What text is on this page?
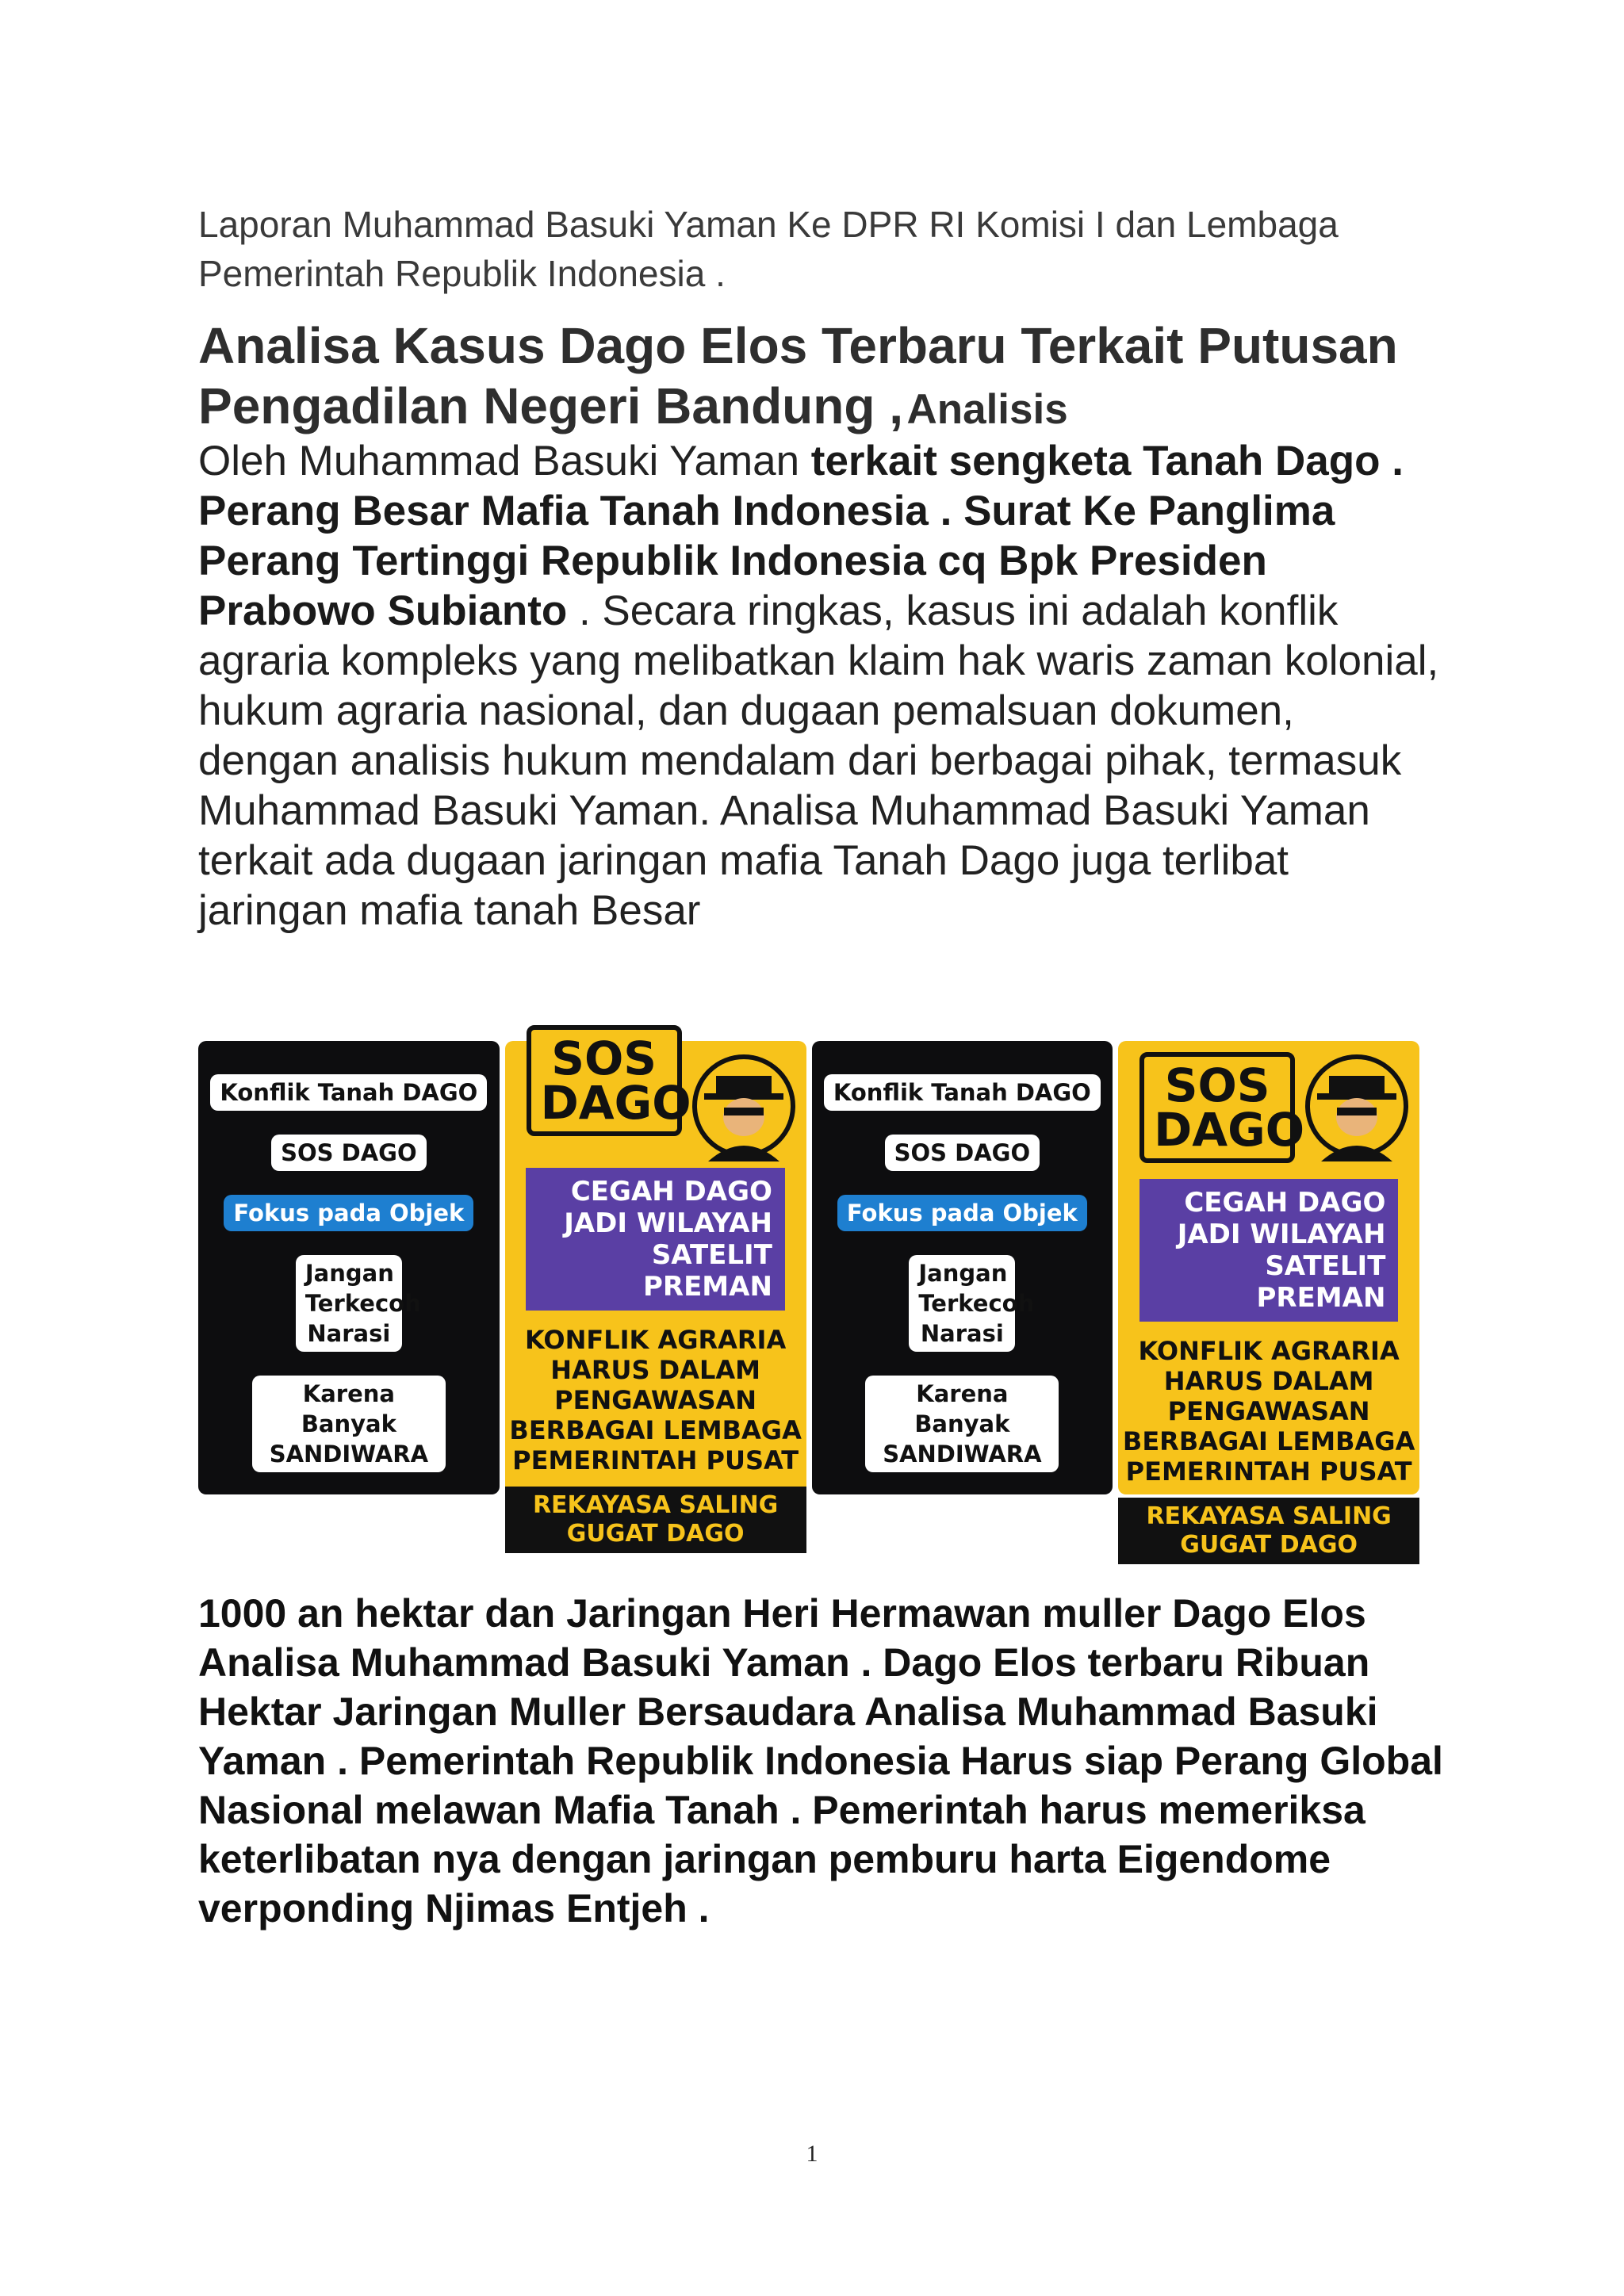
Laporan Muhammad Basuki Yaman Ke DPR RI Komisi I dan Lembaga Pemerintah Republik Indonesia .

Analisa Kasus Dago Elos Terbaru Terkait Putusan Pengadilan Negeri Bandung , Analisis

Oleh Muhammad Basuki Yaman terkait sengketa Tanah Dago . Perang Besar Mafia Tanah Indonesia . Surat Ke Panglima Perang Tertinggi Republik Indonesia cq Bpk Presiden Prabowo Subianto . Secara ringkas, kasus ini adalah konflik agraria kompleks yang melibatkan klaim hak waris zaman kolonial, hukum agraria nasional, dan dugaan pemalsuan dokumen, dengan analisis hukum mendalam dari berbagai pihak, termasuk Muhammad Basuki Yaman. Analisa Muhammad Basuki Yaman terkait ada dugaan jaringan mafia Tanah Dago juga terlibat jaringan mafia tanah Besar

Konflik Tanah DAGO
SOS DAGO
Fokus pada Objek
Jangan Terkecoh Narasi
Karena Banyak SANDIWARA
SOS DAGO
CEGAH DAGO JADI WILAYAH SATELIT PREMAN
KONFLIK AGRARIA HARUS DALAM PENGAWASAN BERBAGAI LEMBAGA PEMERINTAH PUSAT
REKAYASA SALING GUGAT DAGO
Konflik Tanah DAGO
SOS DAGO
Fokus pada Objek
Jangan Terkecoh Narasi
Karena Banyak SANDIWARA
SOS DAGO
CEGAH DAGO JADI WILAYAH SATELIT PREMAN
KONFLIK AGRARIA HARUS DALAM PENGAWASAN BERBAGAI LEMBAGA PEMERINTAH PUSAT
REKAYASA SALING GUGAT DAGO

1000 an hektar dan Jaringan Heri Hermawan muller Dago Elos Analisa Muhammad Basuki Yaman . Dago Elos terbaru Ribuan Hektar Jaringan Muller Bersaudara Analisa Muhammad Basuki Yaman . Pemerintah Republik Indonesia Harus siap Perang Global Nasional melawan Mafia Tanah . Pemerintah harus memeriksa keterlibatan nya dengan jaringan pemburu harta Eigendome verponding Njimas Entjeh .

1
